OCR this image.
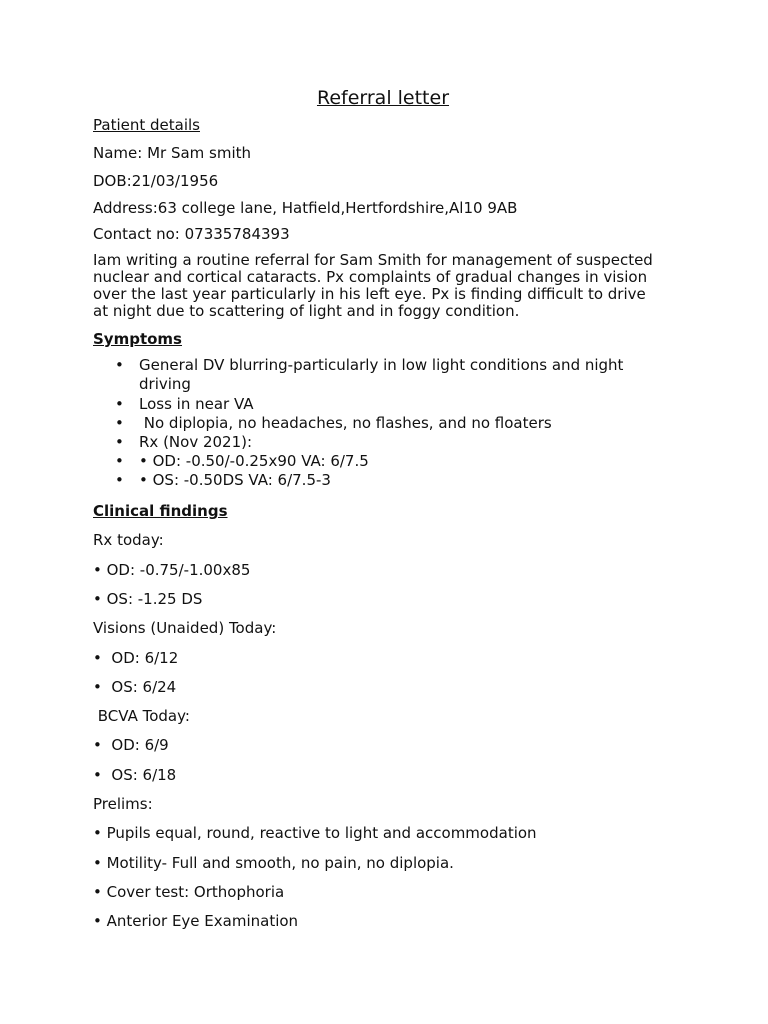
Referral letter
Patient details
Name: Mr Sam smith
DOB:21/03/1956
Address:63 college lane, Hatfield,Hertfordshire,Al10 9AB
Contact no: 07335784393
Iam writing a routine referral for Sam Smith for management of suspected
nuclear and cortical cataracts. Px complaints of gradual changes in vision
over the last year particularly in his left eye. Px is finding difficult to drive
at night due to scattering of light and in foggy condition.
Symptoms
• General DV blurring-particularly in low light conditions and night
driving
• Loss in near VA
• No diplopia, no headaches, no flashes, and no floaters
• Rx (Nov 2021):
• • OD: -0.50/-0.25x90 VA: 6/7.5
• • OS: -0.50DS VA: 6/7.5-3
Clinical findings
Rx today:
• OD: -0.75/-1.00x85
• OS: -1.25 DS
Visions (Unaided) Today:
•  OD: 6/12
•  OS: 6/24
BCVA Today:
•  OD: 6/9
•  OS: 6/18
Prelims:
• Pupils equal, round, reactive to light and accommodation
• Motility- Full and smooth, no pain, no diplopia.
• Cover test: Orthophoria
• Anterior Eye Examination
